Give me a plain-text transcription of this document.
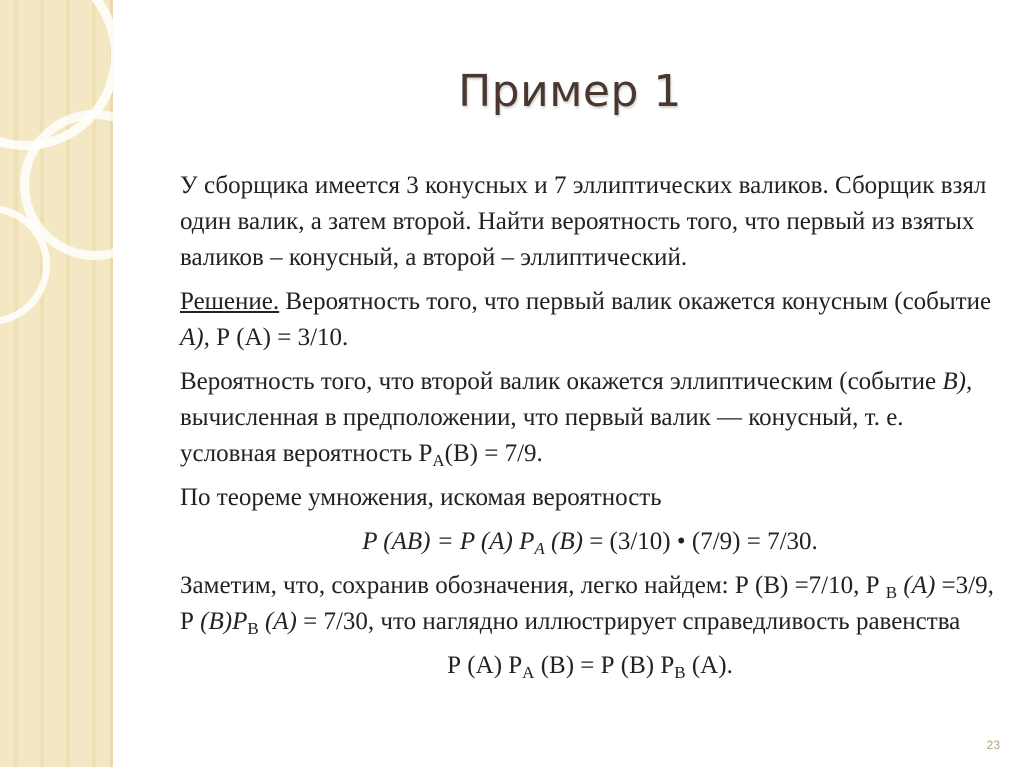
Пример 1

У сборщика имеется 3 конусных и 7 эллиптических валиков. Сборщик взял один валик, а затем второй. Найти вероятность того, что первый из взятых валиков – конусный, а второй – эллиптический.

Решение. Вероятность того, что первый валик окажется конусным (событие A), Р (А) = 3/10.

Вероятность того, что второй валик окажется эллиптическим (событие B), вычисленная в предположении, что первый валик — конусный, т. е. условная вероятность $Р_А(В) = 7/9$.

По теореме умножения, искомая вероятность

P (AB) = P (A) $P_A$ (B) = (3/10) • (7/9) = 7/30.

Заметим, что, сохранив обозначения, легко найдем: Р (В) =7/10, Р $_B$ (A) =3/9, Р $(B)P_B$ (A) = 7/30, что наглядно иллюстрирует справедливость равенства

Р (А) $Р_А$ (В) = Р (В) $Р_В$ (А).

23
